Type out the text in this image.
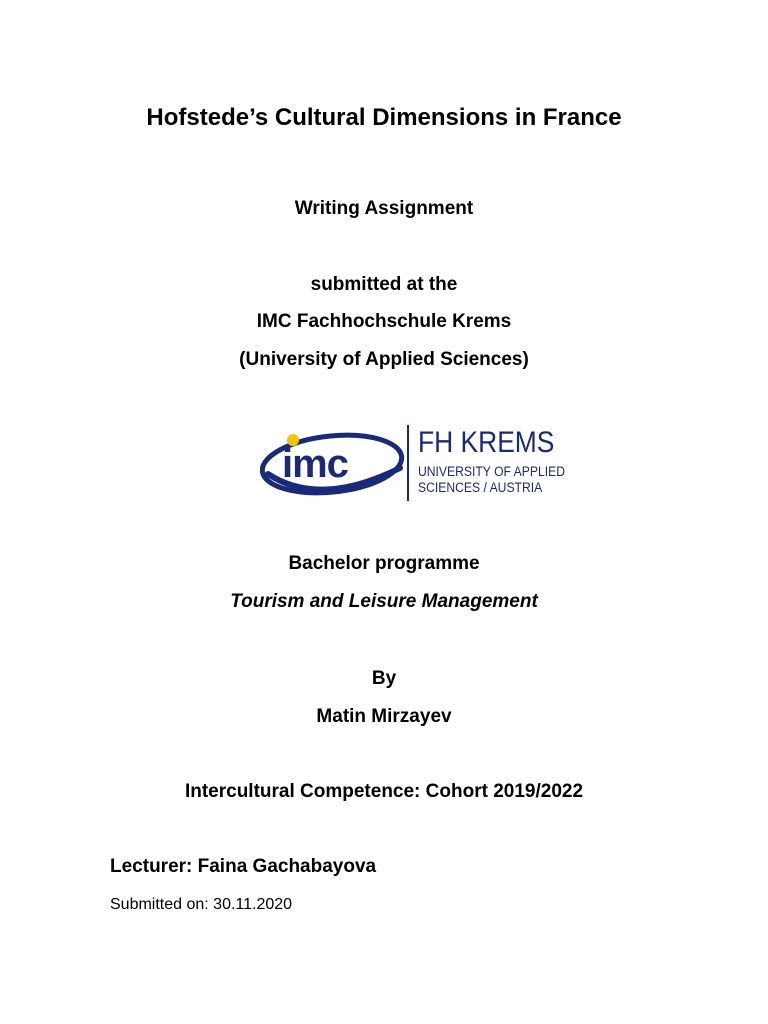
Hofstede’s Cultural Dimensions in France
Writing Assignment
submitted at the
IMC Fachhochschule Krems
(University of Applied Sciences)
imc FH KREMS
UNIVERSITY OF APPLIED
SCIENCES / AUSTRIA
Bachelor programme
Tourism and Leisure Management
By
Matin Mirzayev
Intercultural Competence: Cohort 2019/2022
Lecturer: Faina Gachabayova
Submitted on: 30.11.2020
